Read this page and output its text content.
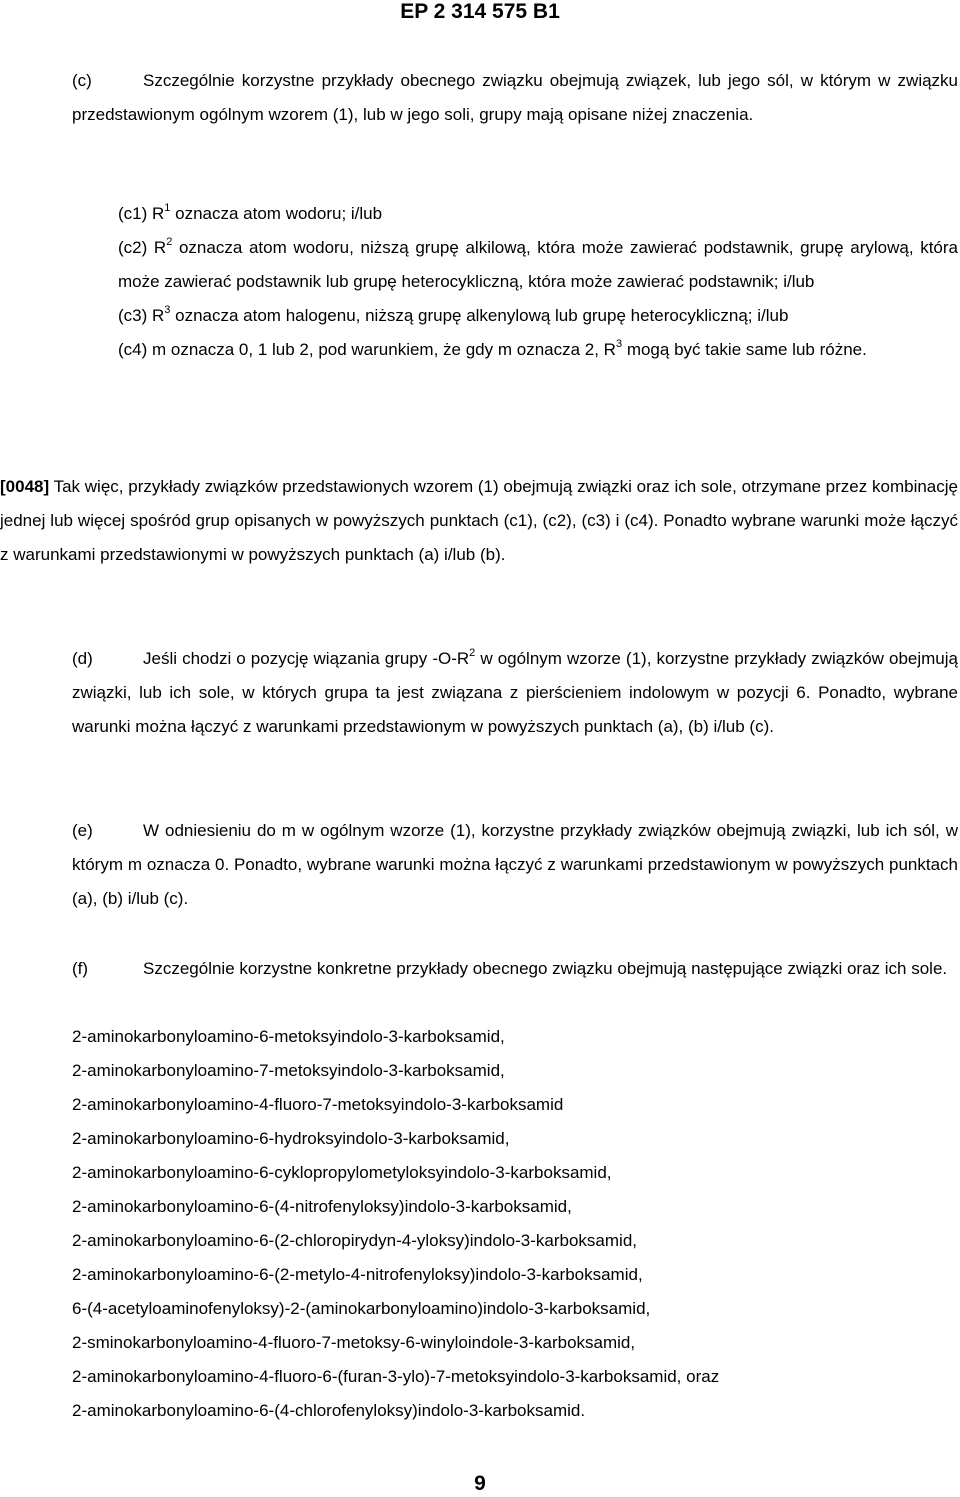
EP 2 314 575 B1

(c)	Szczególnie korzystne przykłady obecnego związku obejmują związek, lub jego sól, w którym w związku przedstawionym ogólnym wzorem (1), lub w jego soli, grupy mają opisane niżej znaczenia.

(c1) $R^1$ oznacza atom wodoru; i/lub

(c2) $R^2$ oznacza atom wodoru, niższą grupę alkilową, która może zawierać podstawnik, grupę arylową, która może zawierać podstawnik lub grupę heterocykliczną, która może zawierać podstawnik; i/lub

(c3) $R^3$ oznacza atom halogenu, niższą grupę alkenylową lub grupę heterocykliczną; i/lub

(c4) m oznacza 0, 1 lub 2, pod warunkiem, że gdy m oznacza 2, $R^3$ mogą być takie same lub różne.

[0048] Tak więc, przykłady związków przedstawionych wzorem (1) obejmują związki oraz ich sole, otrzymane przez kombinację jednej lub więcej spośród grup opisanych w powyższych punktach (c1), (c2), (c3) i (c4). Ponadto wybrane warunki może łączyć z warunkami przedstawionymi w powyższych punktach (a) i/lub (b).

(d)	Jeśli chodzi o pozycję wiązania grupy $-O-R^2$ w ogólnym wzorze (1), korzystne przykłady związków obejmują związki, lub ich sole, w których grupa ta jest związana z pierścieniem indolowym w pozycji 6. Ponadto, wybrane warunki można łączyć z warunkami przedstawionym w powyższych punktach (a), (b) i/lub (c).

(e)	W odniesieniu do m w ogólnym wzorze (1), korzystne przykłady związków obejmują związki, lub ich sól, w którym m oznacza 0. Ponadto, wybrane warunki można łączyć z warunkami przedstawionym w powyższych punktach (a), (b) i/lub (c).

(f)	Szczególnie korzystne konkretne przykłady obecnego związku obejmują następujące związki oraz ich sole.

2-aminokarbonyloamino-6-metoksyindolo-3-karboksamid,
2-aminokarbonyloamino-7-metoksyindolo-3-karboksamid,
2-aminokarbonyloamino-4-fluoro-7-metoksyindolo-3-karboksamid
2-aminokarbonyloamino-6-hydroksyindolo-3-karboksamid,
2-aminokarbonyloamino-6-cyklopropylometyloksyindolo-3-karboksamid,
2-aminokarbonyloamino-6-(4-nitrofenyloksy)indolo-3-karboksamid,
2-aminokarbonyloamino-6-(2-chloropirydyn-4-yloksy)indolo-3-karboksamid,
2-aminokarbonyloamino-6-(2-metylo-4-nitrofenyloksy)indolo-3-karboksamid,
6-(4-acetyloaminofenyloksy)-2-(aminokarbonyloamino)indolo-3-karboksamid,
2-sminokarbonyloamino-4-fluoro-7-metoksy-6-winyloindole-3-karboksamid,
2-aminokarbonyloamino-4-fluoro-6-(furan-3-ylo)-7-metoksyindolo-3-karboksamid, oraz
2-aminokarbonyloamino-6-(4-chlorofenyloksy)indolo-3-karboksamid.
9
